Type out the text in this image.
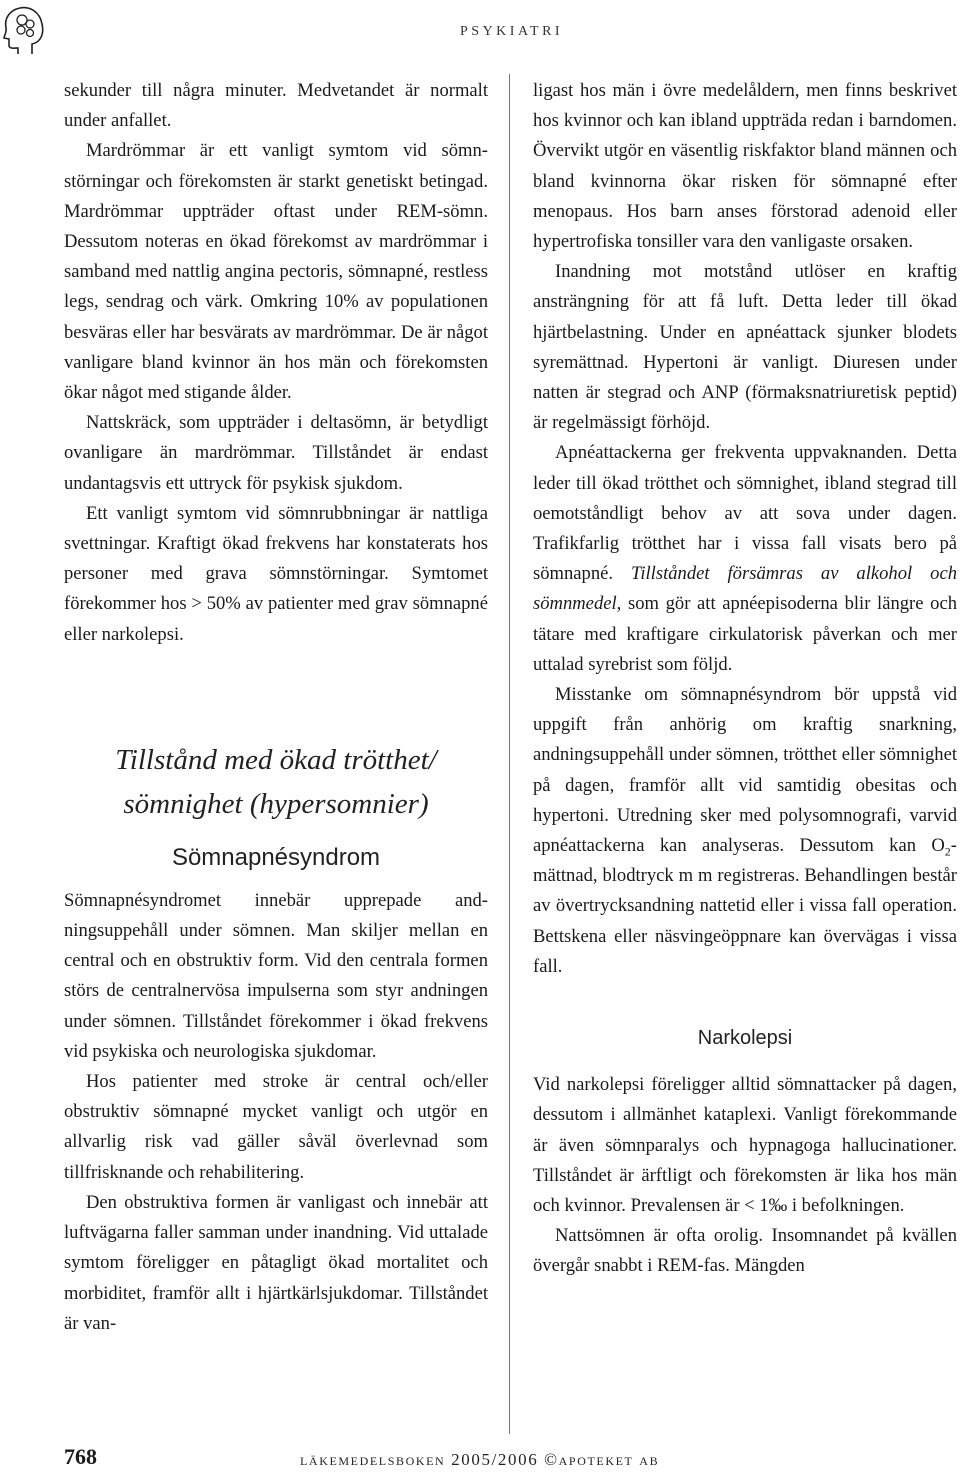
PSYKIATRI

sekunder till några minuter. Medvetandet är normalt under anfallet.

Mardrömmar är ett vanligt symtom vid sömnstörningar och förekomsten är starkt genetiskt betingad. Mardrömmar uppträder oftast under REM-sömn. Dessutom noteras en ökad förekomst av mardrömmar i samband med nattlig angina pectoris, sömnapné, restless legs, sendrag och värk. Omkring 10% av populationen besväras eller har besvärats av mardrömmar. De är något vanligare bland kvinnor än hos män och förekomsten ökar något med stigande ålder.

Nattskräck, som uppträder i deltasömn, är betydligt ovanligare än mardrömmar. Tillståndet är endast undantagsvis ett uttryck för psykisk sjukdom.

Ett vanligt symtom vid sömnrubbningar är nattliga svettningar. Kraftigt ökad frekvens har konstaterats hos personer med grava sömnstörningar. Symtomet förekommer hos > 50% av patienter med grav sömnapné eller narkolepsi.

Tillstånd med ökad trötthet/
sömnighet (hypersomnier)
Sömnapnésyndrom

Sömnapnésyndromet innebär upprepade andningsuppehåll under sömnen. Man skiljer mellan en central och en obstruktiv form. Vid den centrala formen störs de centralnervösa impulserna som styr andningen under sömnen. Tillståndet förekommer i ökad frekvens vid psykiska och neurologiska sjukdomar.

Hos patienter med stroke är central och/eller obstruktiv sömnapné mycket vanligt och utgör en allvarlig risk vad gäller såväl överlevnad som tillfrisknande och rehabilitering.

Den obstruktiva formen är vanligast och innebär att luftvägarna faller samman under inandning. Vid uttalade symtom föreligger en påtagligt ökad mortalitet och morbiditet, framför allt i hjärtkärlsjukdomar. Tillståndet är van-

ligast hos män i övre medelåldern, men finns beskrivet hos kvinnor och kan ibland uppträda redan i barndomen. Övervikt utgör en väsentlig riskfaktor bland männen och bland kvinnorna ökar risken för sömnapné efter menopaus. Hos barn anses förstorad adenoid eller hypertrofiska tonsiller vara den vanligaste orsaken.

Inandning mot motstånd utlöser en kraftig ansträngning för att få luft. Detta leder till ökad hjärtbelastning. Under en apnéattack sjunker blodets syremättnad. Hypertoni är vanligt. Diuresen under natten är stegrad och ANP (förmaksnatriuretisk peptid) är regelmässigt förhöjd.

Apnéattackerna ger frekventa uppvaknanden. Detta leder till ökad trötthet och sömnighet, ibland stegrad till oemotståndligt behov av att sova under dagen. Trafikfarlig trötthet har i vissa fall visats bero på sömnapné. Tillståndet försämras av alkohol och sömnmedel, som gör att apnéepisoderna blir längre och tätare med kraftigare cirkulatorisk påverkan och mer uttalad syrebrist som följd.

Misstanke om sömnapnésyndrom bör uppstå vid uppgift från anhörig om kraftig snarkning, andningsuppehåll under sömnen, trötthet eller sömnighet på dagen, framför allt vid samtidig obesitas och hypertoni. Utredning sker med polysomnografi, varvid apnéattackerna kan analyseras. Dessutom kan $O_2$-mättnad, blodtryck m m registreras. Behandlingen består av övertrycksandning nattetid eller i vissa fall operation. Bettskena eller näsvingeöppnare kan övervägas i vissa fall.

Narkolepsi

Vid narkolepsi föreligger alltid sömnattacker på dagen, dessutom i allmänhet kataplexi. Vanligt förekommande är även sömnparalys och hypnagoga hallucinationer. Tillståndet är ärftligt och förekomsten är lika hos män och kvinnor. Prevalensen är < 1‰ i befolkningen.

Nattsömnen är ofta orolig. Insomnandet på kvällen övergår snabbt i REM-fas. Mängden

768	läkemedelsboken 2005/2006 ©apoteket ab
